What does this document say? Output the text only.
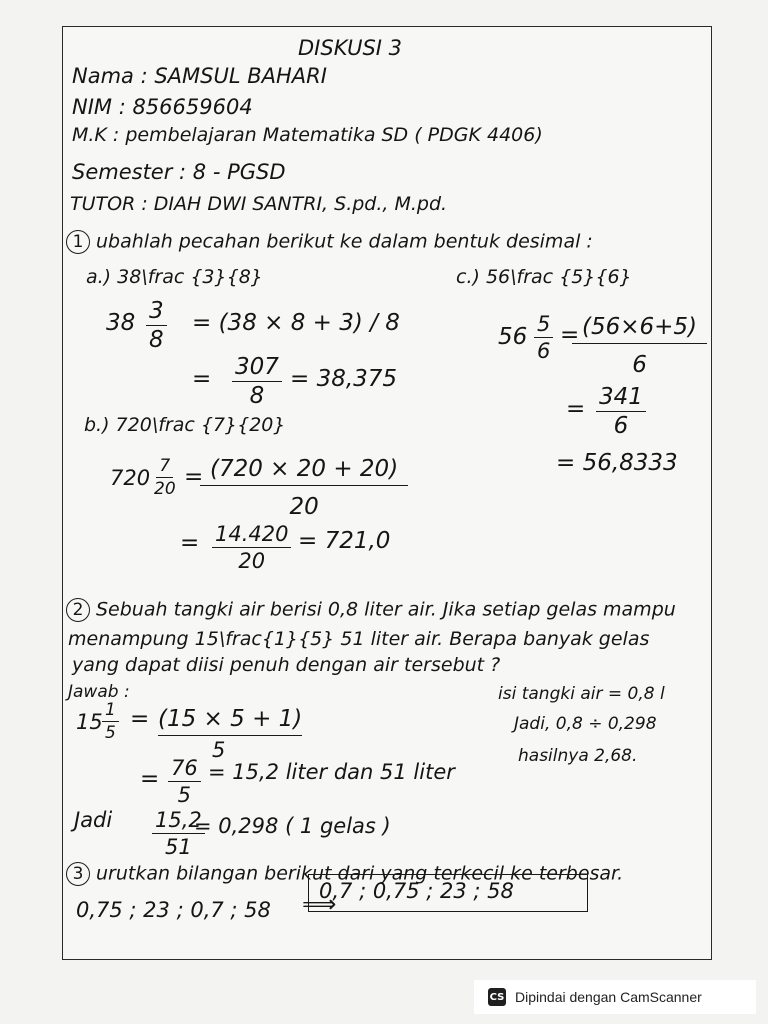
DISKUSI 3
Nama : SAMSUL BAHARI
NIM : 856659604
M.K : pembelajaran Matematika SD ( PDGK 4406)
Semester : 8 - PGSD
TUTOR : DIAH DWI SANTRI, S.pd., M.pd.
1 ubahlah pecahan berikut ke dalam bentuk desimal :
a.) 38\frac {3}{8}
$38 \frac{3}{8} = (38 \times 8 + 3) / 8$
= $\frac{307}{8} = 38,375$
c.) 56\frac {5}{6}
$56 \frac{5}{6}$ =
$\frac{(56\times 6+5)}{6}$
= $\frac{341}{6}$
= 56,8333
b.) 720\frac {7}{20}
$720 \frac{7}{20}$ =
$\frac{(720 \times 20 + 20)}{20}$
= $\frac{14.420}{20} = 721,0$
2 Sebuah tangki air berisi 0,8 liter air. Jika setiap gelas mampu
menampung 15\frac{1}{5} 51 liter air. Berapa banyak gelas
yang dapat diisi penuh dengan air tersebut ?
Jawab :
$15 \frac{1}{5} = (15 \times 5 + 1)$
5
= $\frac{76}{5} = 15,2$ liter dan 51 liter
Jadi $\frac{15,2}{51}$
= 0,298 ( 1 gelas )
isi tangki air = 0,8 l
Jadi, 0,8 ÷ 0,298
hasilnya 2,68.
3 urutkan bilangan berikut dari yang terkecil ke terbesar.
0,75 ; 23 ; 0,7 ; 58 ⟹
0,7 ; 0,75 ; 23 ; 58
CS Dipindai dengan CamScanner
